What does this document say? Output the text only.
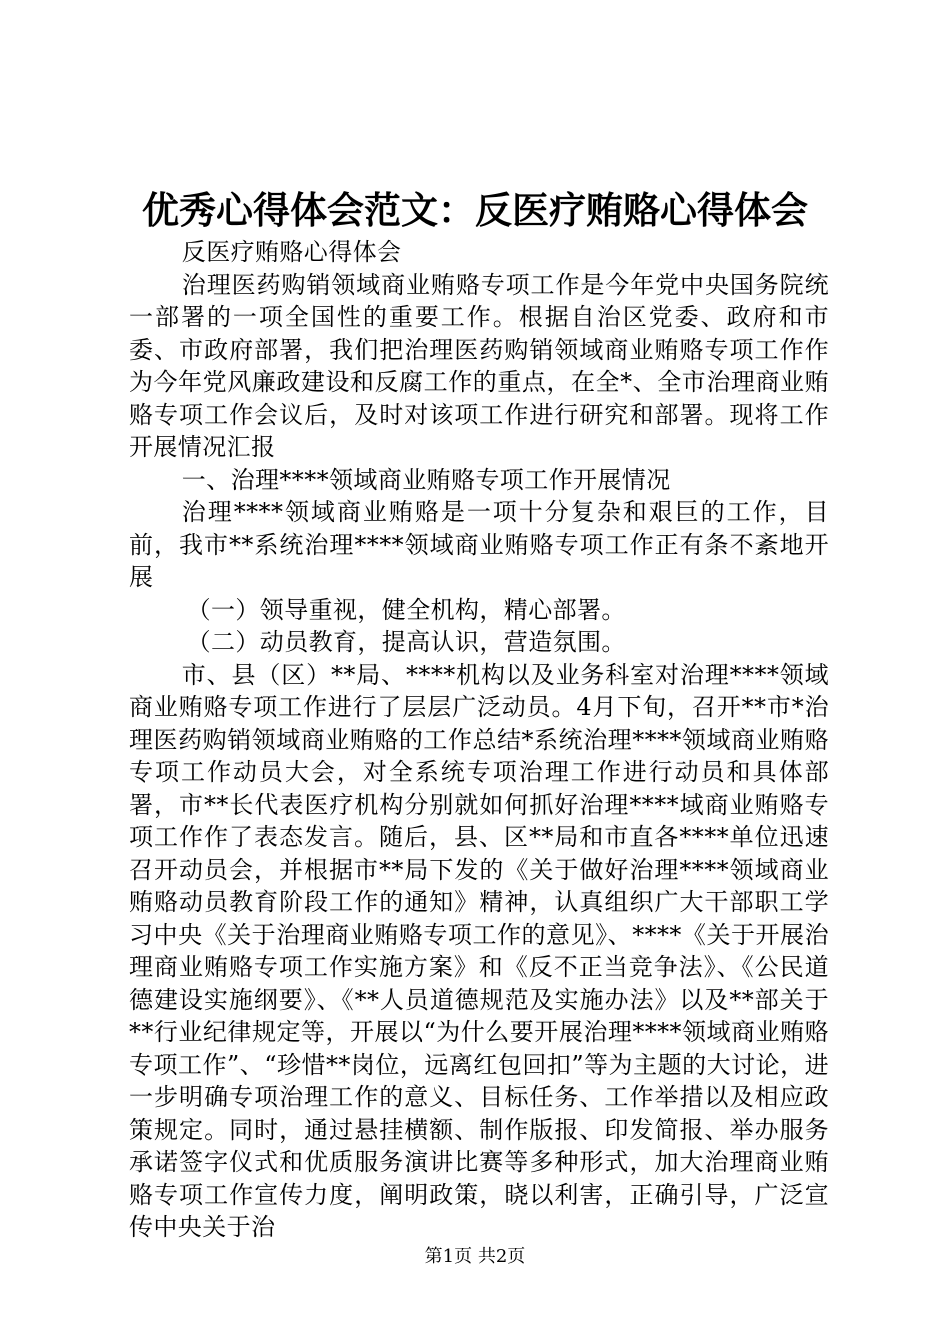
优秀心得体会范文：反医疗贿赂心得体会

反医疗贿赂心得体会

治理医药购销领域商业贿赂专项工作是今年党中央国务院统一部署的一项全国性的重要工作。根据自治区党委、政府和市委、市政府部署，我们把治理医药购销领域商业贿赂专项工作作为今年党风廉政建设和反腐工作的重点，在全*、全市治理商业贿赂专项工作会议后，及时对该项工作进行研究和部署。现将工作开展情况汇报

一、治理****领域商业贿赂专项工作开展情况

治理****领域商业贿赂是一项十分复杂和艰巨的工作，目前，我市**系统治理****领域商业贿赂专项工作正有条不紊地开展

（一）领导重视，健全机构，精心部署。

（二）动员教育，提高认识，营造氛围。

市、县（区）**局、****机构以及业务科室对治理****领域商业贿赂专项工作进行了层层广泛动员。4月下旬，召开**市*治理医药购销领域商业贿赂的工作总结*系统治理****领域商业贿赂专项工作动员大会，对全系统专项治理工作进行动员和具体部署，市**长代表医疗机构分别就如何抓好治理****域商业贿赂专项工作作了表态发言。随后，县、区**局和市直各****单位迅速召开动员会，并根据市**局下发的《关于做好治理****领域商业贿赂动员教育阶段工作的通知》精神，认真组织广大干部职工学习中央《关于治理商业贿赂专项工作的意见》、****《关于开展治理商业贿赂专项工作实施方案》和《反不正当竞争法》、《公民道德建设实施纲要》、《**人员道德规范及实施办法》以及**部关于**行业纪律规定等，开展以“为什么要开展治理****领域商业贿赂专项工作”、“珍惜**岗位，远离红包回扣”等为主题的大讨论，进一步明确专项治理工作的意义、目标任务、工作举措以及相应政策规定。同时，通过悬挂横额、制作版报、印发简报、举办服务承诺签字仪式和优质服务演讲比赛等多种形式，加大治理商业贿赂专项工作宣传力度，阐明政策，晓以利害，正确引导，广泛宣传中央关于治

第1页 共2页
